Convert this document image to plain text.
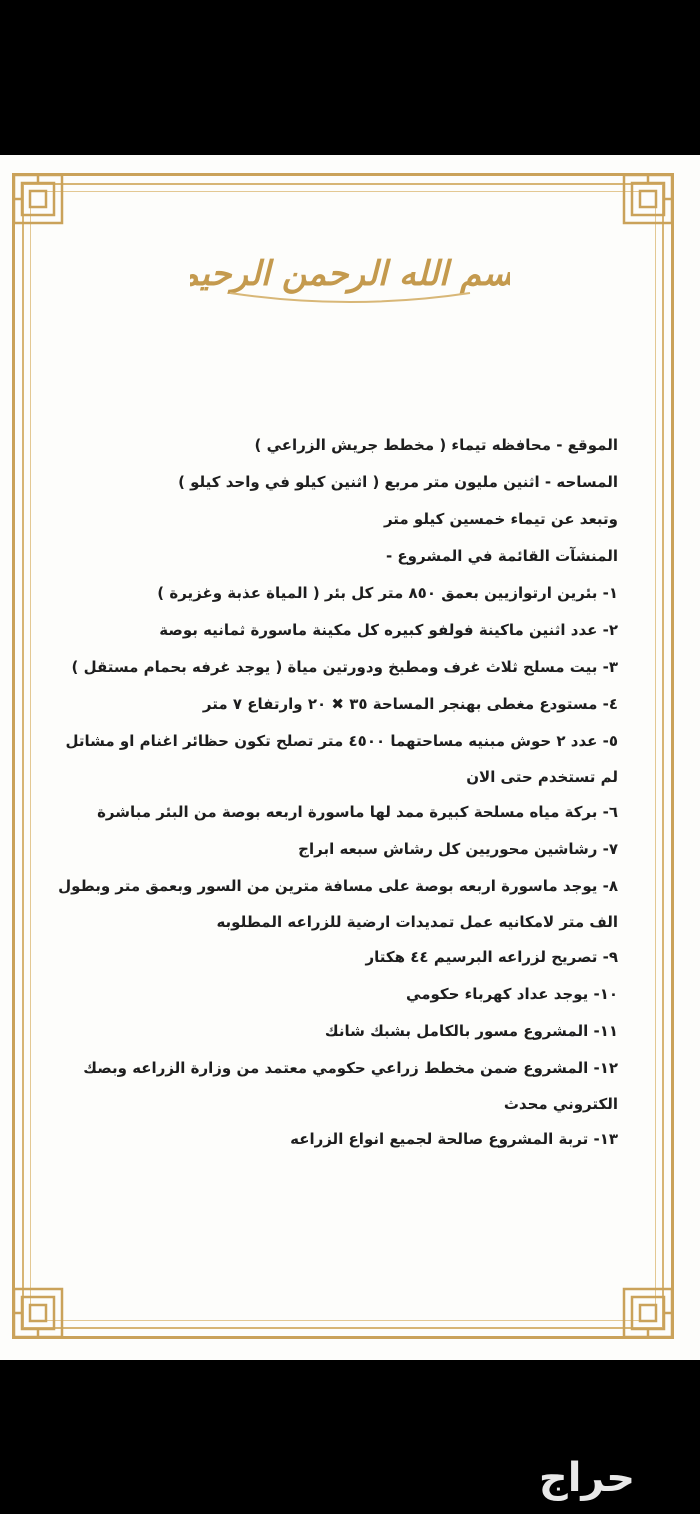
بسم الله الرحمن الرحيم
الموقع - محافظه تيماء ( مخطط جريش الزراعي )
المساحه - اثنين مليون متر مربع ( اثنين كيلو في واحد كيلو )
وتبعد عن تيماء خمسين كيلو متر
المنشآت القائمة في المشروع -
١- بئرين ارتوازيين بعمق ٨٥٠ متر كل بئر ( المياة عذبة وغزيرة )
٢- عدد اثنين ماكينة فولفو كبيره كل مكينة ماسورة ثمانيه بوصة
٣- بيت مسلح ثلاث غرف ومطبخ ودورتين مياة ( يوجد غرفه بحمام مستقل )
٤- مستودع مغطى بهنجر المساحة ٣٥ ✖ ٢٠ وارتفاع ٧ متر
٥- عدد ٢ حوش مبنيه مساحتهما ٤٥٠٠ متر تصلح تكون حظائر اغنام او مشاتل
لم تستخدم حتى الان
٦- بركة مياه مسلحة كبيرة ممد لها ماسورة اربعه بوصة من البئر مباشرة
٧- رشاشين محوريين كل رشاش سبعه ابراج
٨- يوجد ماسورة اربعه بوصة على مسافة مترين من السور وبعمق متر وبطول
الف متر لامكانيه عمل تمديدات ارضية للزراعه المطلوبه
٩- تصريح لزراعه البرسيم ٤٤ هكتار
١٠- يوجد عداد كهرباء حكومي
١١- المشروع مسور بالكامل بشبك شانك
١٢- المشروع ضمن مخطط زراعي حكومي معتمد من وزارة الزراعه وبصك
الكتروني محدث
١٣- تربة المشروع صالحة لجميع انواع الزراعه
حراج
